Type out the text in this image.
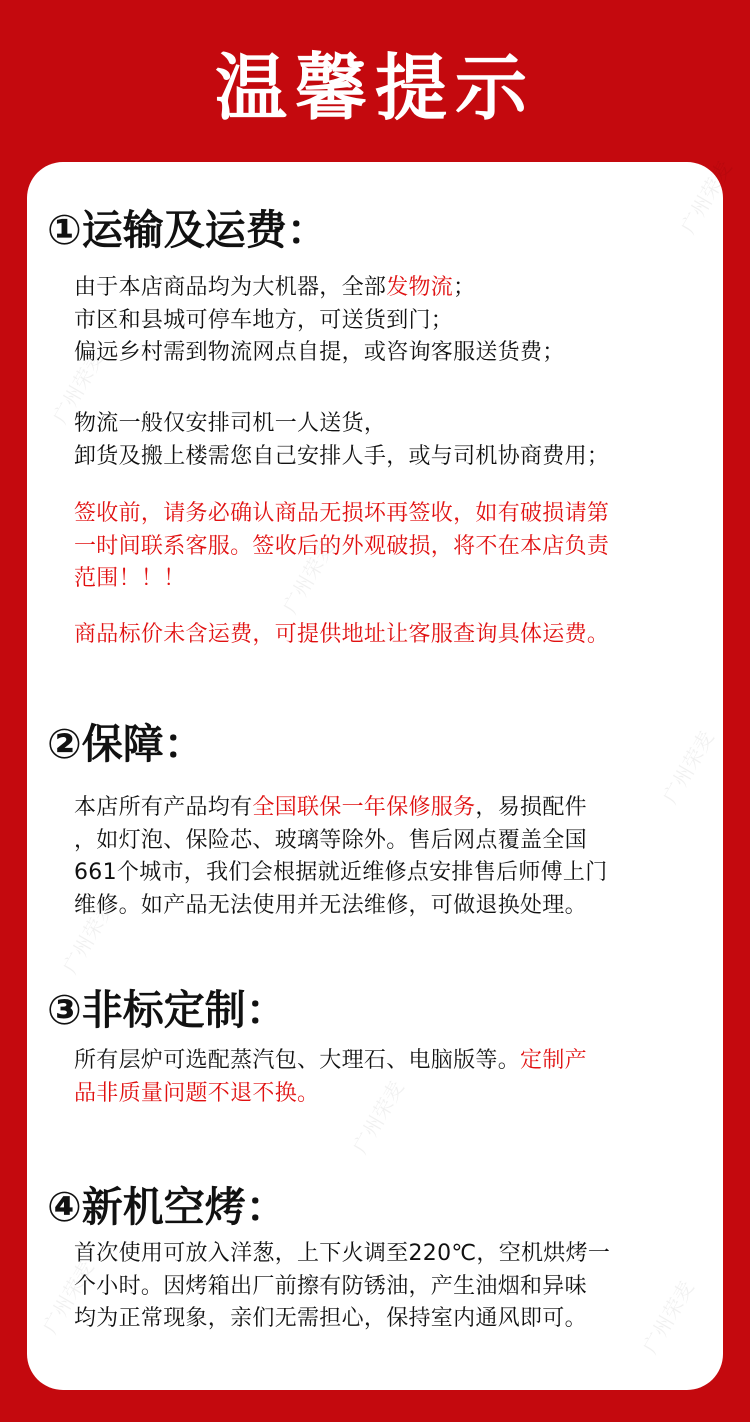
温馨提示
广州荣麦
广州荣麦
广州荣麦
广州荣麦
广州荣麦
广州荣麦
广州荣麦
广州荣麦
①运输及运费：
由于本店商品均为大机器，全部发物流；
市区和县城可停车地方，可送货到门；
偏远乡村需到物流网点自提，或咨询客服送货费；
物流一般仅安排司机一人送货，
卸货及搬上楼需您自己安排人手，或与司机协商费用；
签收前，请务必确认商品无损坏再签收，如有破损请第
一时间联系客服。签收后的外观破损，将不在本店负责
范围！！！
商品标价未含运费，可提供地址让客服查询具体运费。
②保障：
本店所有产品均有全国联保一年保修服务，易损配件
，如灯泡、保险芯、玻璃等除外。售后网点覆盖全国
661个城市，我们会根据就近维修点安排售后师傅上门
维修。如产品无法使用并无法维修，可做退换处理。
③非标定制：
所有层炉可选配蒸汽包、大理石、电脑版等。定制产
品非质量问题不退不换。
④新机空烤：
首次使用可放入洋葱，上下火调至220℃，空机烘烤一
个小时。因烤箱出厂前擦有防锈油，产生油烟和异味
均为正常现象，亲们无需担心，保持室内通风即可。
